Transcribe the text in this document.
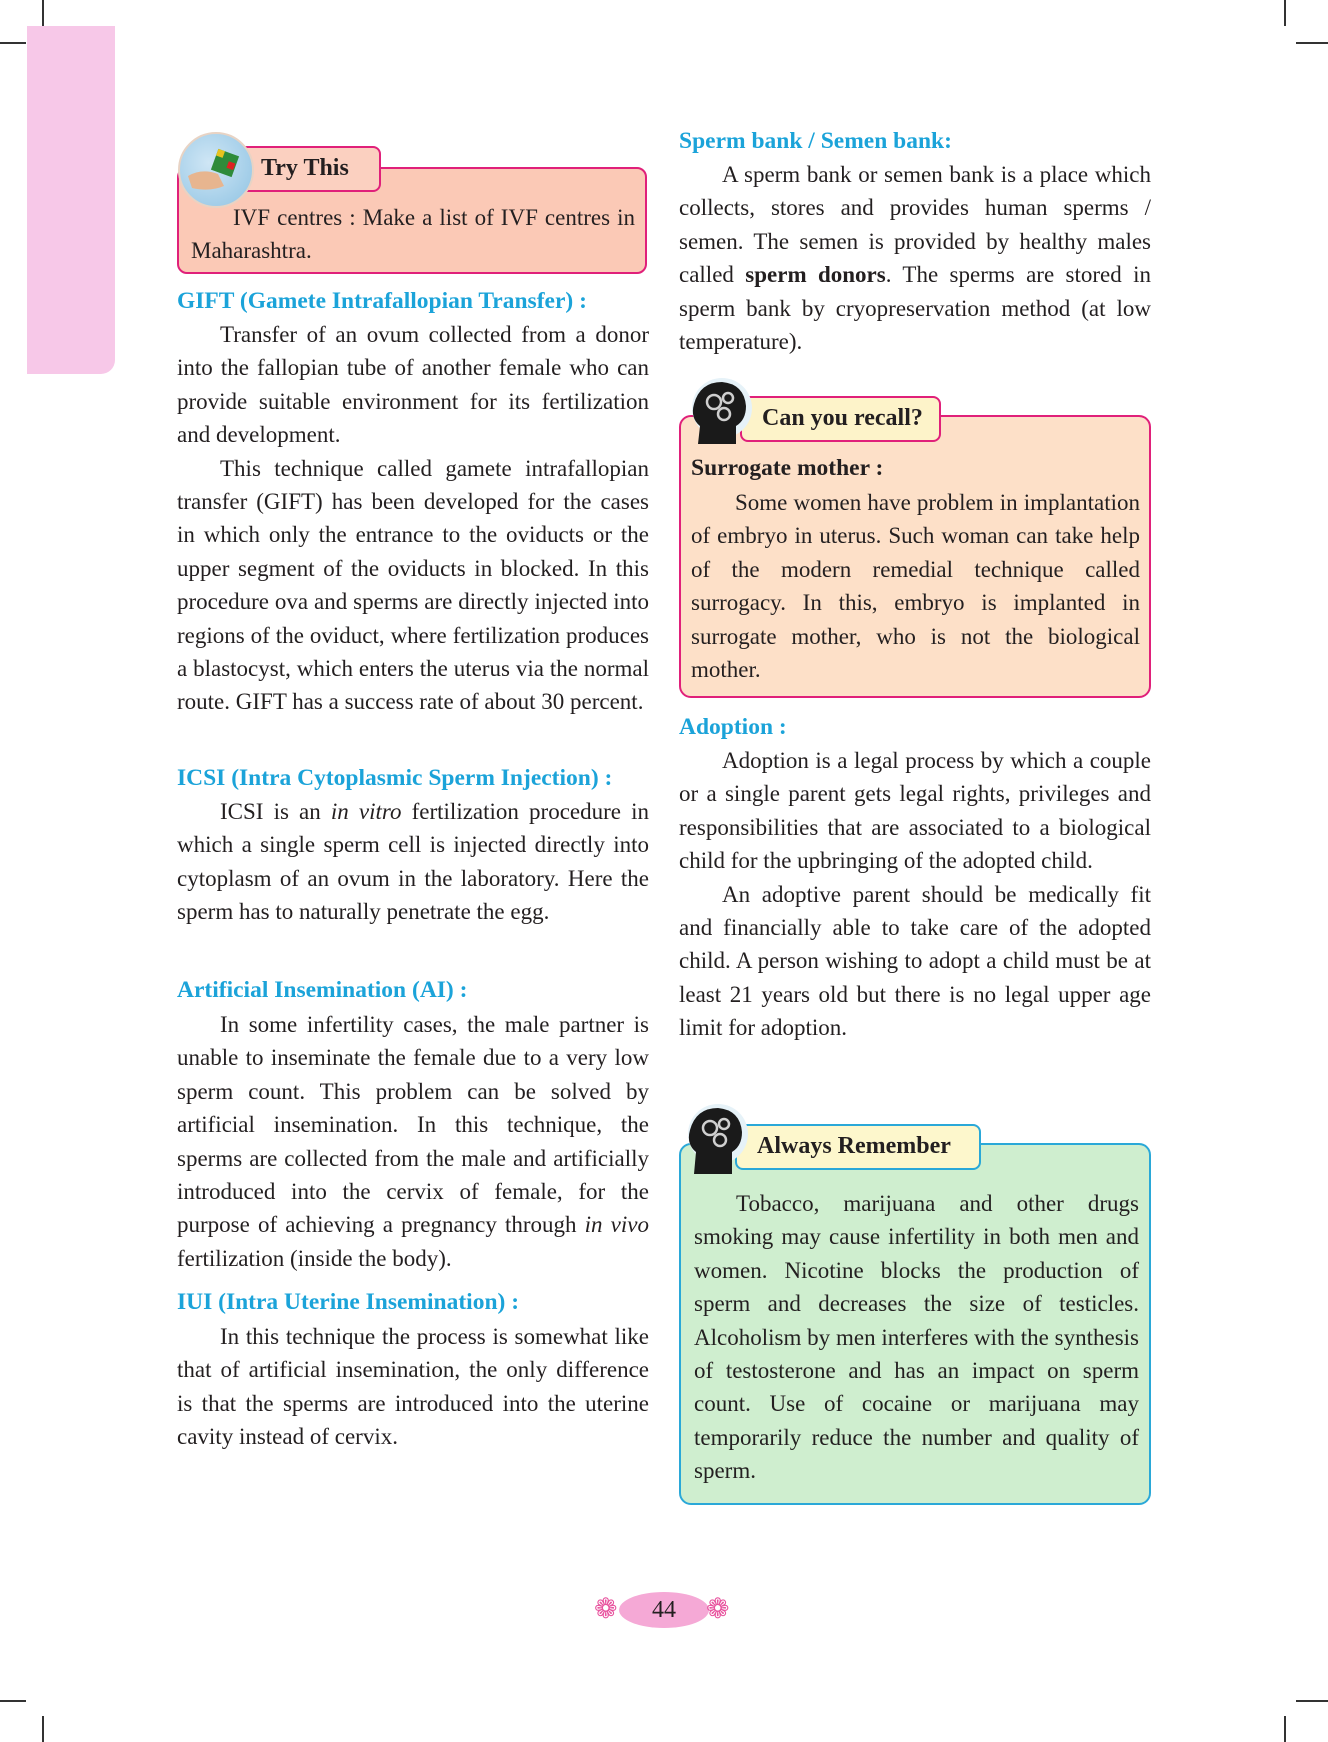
Try This

IVF centres : Make a list of IVF centres in Maharashtra.

GIFT (Gamete Intrafallopian Transfer) :

Transfer of an ovum collected from a donor into the fallopian tube of another female who can provide suitable environment for its fertilization and development.

This technique called gamete intrafallopian transfer (GIFT) has been developed for the cases in which only the entrance to the oviducts or the upper segment of the oviducts in blocked. In this procedure ova and sperms are directly injected into regions of the oviduct, where fertilization produces a blastocyst, which enters the uterus via the normal route. GIFT has a success rate of about 30 percent.

ICSI (Intra Cytoplasmic Sperm Injection) :

ICSI is an in vitro fertilization procedure in which a single sperm cell is injected directly into cytoplasm of an ovum in the laboratory. Here the sperm has to naturally penetrate the egg.

Artificial Insemination (AI) :

In some infertility cases, the male partner is unable to inseminate the female due to a very low sperm count. This problem can be solved by artificial insemination. In this technique, the sperms are collected from the male and artificially introduced into the cervix of female, for the purpose of achieving a pregnancy through in vivo fertilization (inside the body).

IUI (Intra Uterine Insemination) :

In this technique the process is somewhat like that of artificial insemination, the only difference is that the sperms are introduced into the uterine cavity instead of cervix.

Sperm bank / Semen bank:

A sperm bank or semen bank is a place which collects, stores and provides human sperms / semen. The semen is provided by healthy males called sperm donors. The sperms are stored in sperm bank by cryopreservation method (at low temperature).

Can you recall?

Surrogate mother :

Some women have problem in implantation of embryo in uterus. Such woman can take help of the modern remedial technique called surrogacy. In this, embryo is implanted in surrogate mother, who is not the biological mother.

Adoption :

Adoption is a legal process by which a couple or a single parent gets legal rights, privileges and responsibilities that are associated to a biological child for the upbringing of the adopted child.

An adoptive parent should be medically fit and financially able to take care of the adopted child. A person wishing to adopt a child must be at least 21 years old but there is no legal upper age limit for adoption.

Always Remember

Tobacco, marijuana and other drugs smoking may cause infertility in both men and women. Nicotine blocks the production of sperm and decreases the size of testicles. Alcoholism by men interferes with the synthesis of testosterone and has an impact on sperm count. Use of cocaine or marijuana may temporarily reduce the number and quality of sperm.

❁	44	❁
